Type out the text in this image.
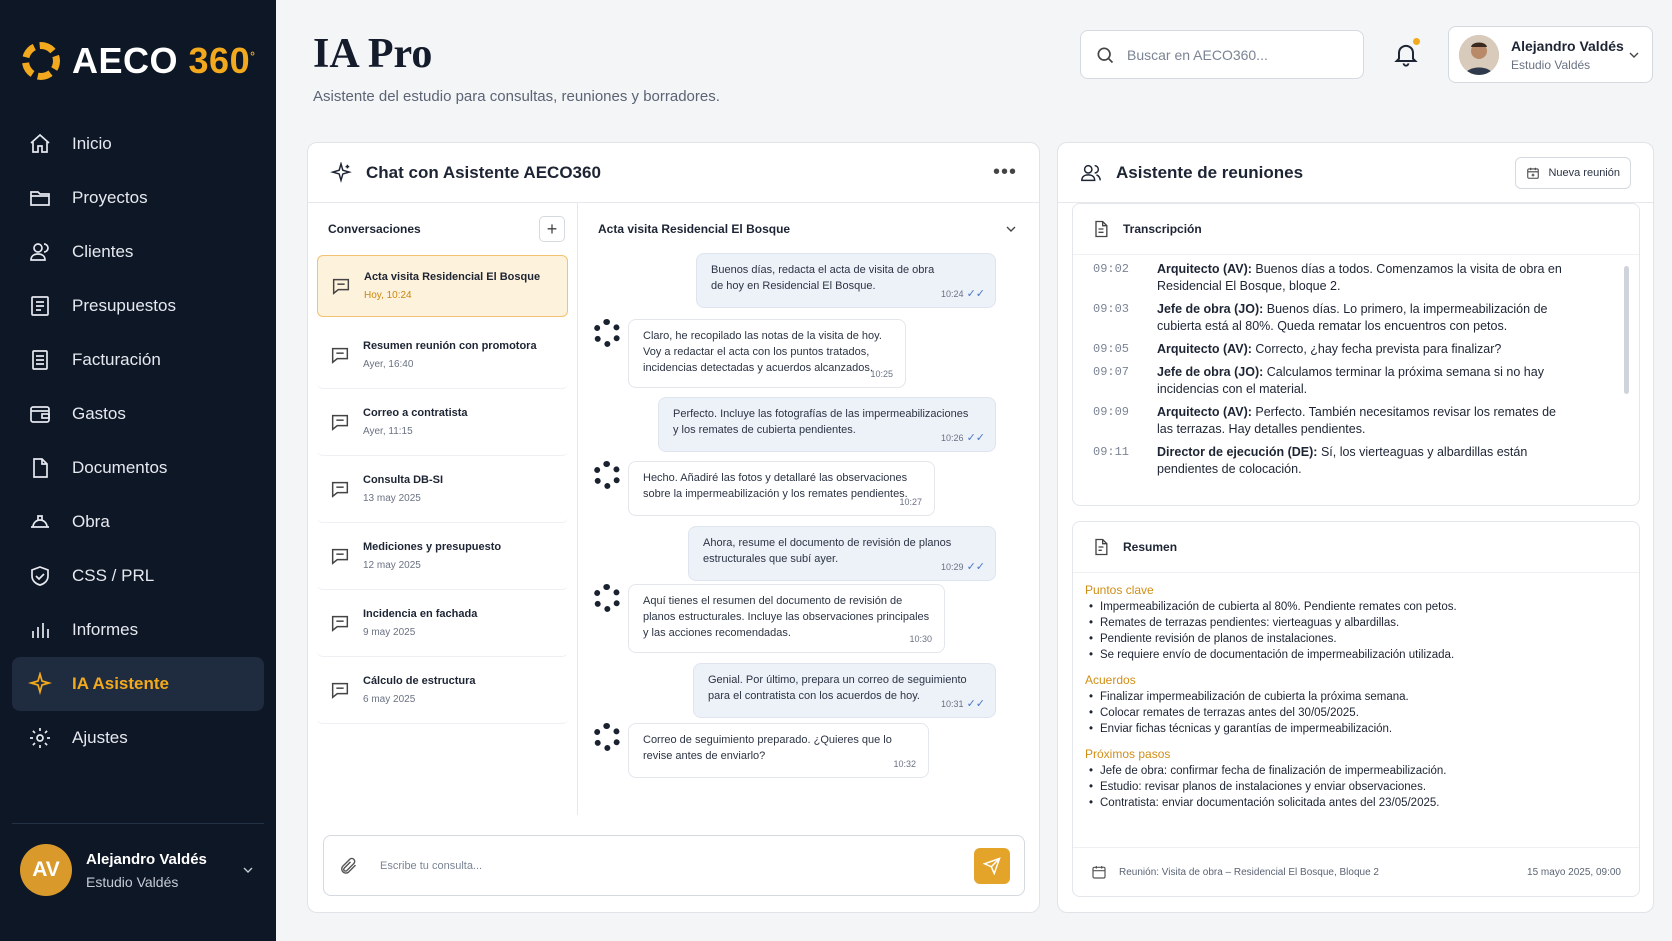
AECO 360°
Inicio
Proyectos
Clientes
Presupuestos
Facturación
Gastos
Documentos
Obra
CSS / PRL
Informes
IA Asistente
Ajustes
AV	Alejandro Valdés
Estudio Valdés
IA Pro
Asistente del estudio para consultas, reuniones y borradores.
Buscar en AECO360...
Alejandro Valdés
Estudio Valdés
Chat con Asistente AECO360	•••
Conversaciones	+
Acta visita Residencial El Bosque
Hoy, 10:24
Resumen reunión con promotora
Ayer, 16:40
Correo a contratista
Ayer, 11:15
Consulta DB-SI
13 may 2025
Mediciones y presupuesto
12 may 2025
Incidencia en fachada
9 may 2025
Cálculo de estructura
6 may 2025
Acta visita Residencial El Bosque
Buenos días, redacta el acta de visita de obra
de hoy en Residencial El Bosque.
10:24 ✓✓
Claro, he recopilado las notas de la visita de hoy.
Voy a redactar el acta con los puntos tratados,
incidencias detectadas y acuerdos alcanzados.
10:25
Perfecto. Incluye las fotografías de las impermeabilizaciones
y los remates de cubierta pendientes.
10:26 ✓✓
Hecho. Añadiré las fotos y detallaré las observaciones
sobre la impermeabilización y los remates pendientes.
10:27
Ahora, resume el documento de revisión de planos
estructurales que subí ayer.
10:29 ✓✓
Aquí tienes el resumen del documento de revisión de
planos estructurales. Incluye las observaciones principales
y las acciones recomendadas.	10:30
Genial. Por último, prepara un correo de seguimiento
para el contratista con los acuerdos de hoy.
10:31 ✓✓
Correo de seguimiento preparado. ¿Quieres que lo
revise antes de enviarlo?
10:32
Escribe tu consulta...
Asistente de reuniones	Nueva reunión
Transcripción
09:02	Arquitecto (AV): Buenos días a todos. Comenzamos la visita de obra en Residencial El Bosque, bloque 2.
09:03	Jefe de obra (JO): Buenos días. Lo primero, la impermeabilización de cubierta está al 80%. Queda rematar los encuentros con petos.
09:05	Arquitecto (AV): Correcto, ¿hay fecha prevista para finalizar?
09:07	Jefe de obra (JO): Calculamos terminar la próxima semana si no hay incidencias con el material.
09:09	Arquitecto (AV): Perfecto. También necesitamos revisar los remates de las terrazas. Hay detalles pendientes.
09:11	Director de ejecución (DE): Sí, los vierteaguas y albardillas están pendientes de colocación.
Resumen
Puntos clave
• Impermeabilización de cubierta al 80%. Pendiente remates con petos.
• Remates de terrazas pendientes: vierteaguas y albardillas.
• Pendiente revisión de planos de instalaciones.
• Se requiere envío de documentación de impermeabilización utilizada.
Acuerdos
• Finalizar impermeabilización de cubierta la próxima semana.
• Colocar remates de terrazas antes del 30/05/2025.
• Enviar fichas técnicas y garantías de impermeabilización.
Próximos pasos
• Jefe de obra: confirmar fecha de finalización de impermeabilización.
• Estudio: revisar planos de instalaciones y enviar observaciones.
• Contratista: enviar documentación solicitada antes del 23/05/2025.
Reunión: Visita de obra – Residencial El Bosque, Bloque 2	15 mayo 2025, 09:00
